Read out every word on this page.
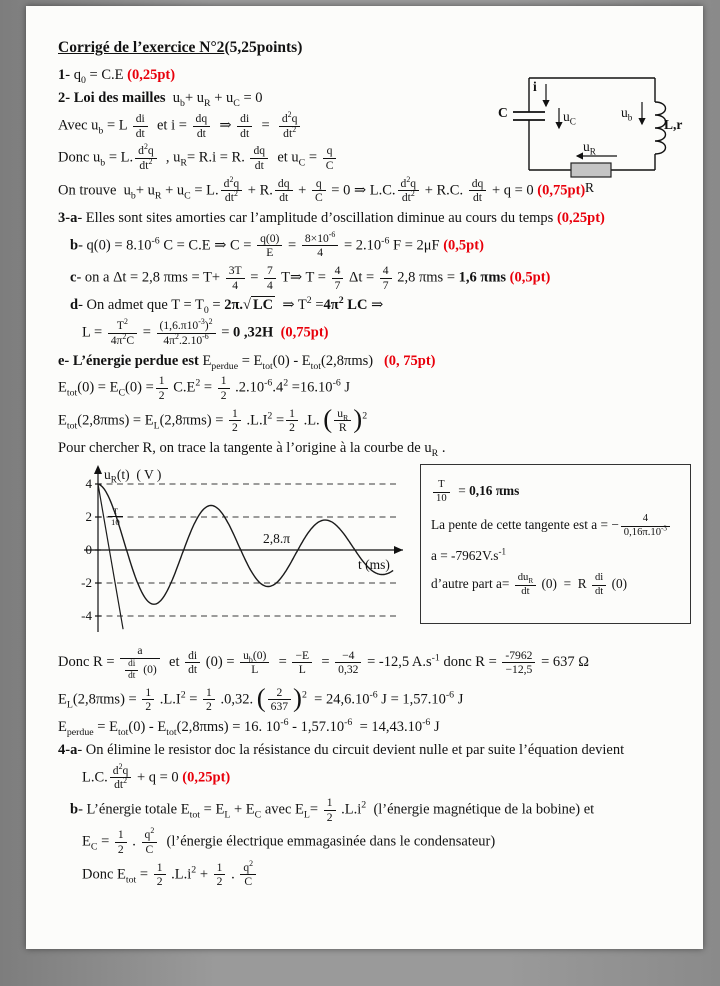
i
C	$u_C$
$u_b$ L,r
$u_R$
R
Corrigé de l’exercice N°2(5,25points)
1- $q_0 = C.E$ (0,25pt)
2- Loi des mailles  $u_b+ u_R + u_C = 0$
Avec $u_b = L \frac{di}{dt}$ et $i = \frac{dq}{dt}$ ⇒ $\frac{di}{dt} = \frac{d^2q}{dt^2}$
Donc $u_b = L$. $\frac{d^2q}{dt^2}$ , $u_R= R.i = R$. $\frac{dq}{dt}$ et $u_C = \frac{q}{C}$
On trouve  $u_b+ u_R + u_C = L$. $\frac{d^2q}{dt^2} + R$. $\frac{dq}{dt} + \frac{q}{C} = 0$ ⇒ L.C. $\frac{d^2q}{dt^2} + R.C$. $\frac{dq}{dt} + q = 0$ (0,75pt)
3-a- Elles sont sites amorties car l’amplitude d’oscillation diminue au cours du temps (0,25pt)
b- $q(0) = 8.10^{-6}$ C = C.E ⇒ $C = \frac{q(0)}{E} = \frac{8\times 10^{-6}}{4} = 2.10^{-6}$ F = 2μF (0,5pt)
c- on a Δt = 2,8 $\pi ms = T+ \frac{3T}{4} = \frac{7}{4}$ T⇒ $T = \frac{4}{7}$ $\Delta t = \frac{4}{7} 2,8$ πms = 1,6 πms (0,5pt)
d- On admet que $T = T_0 = 2\pi.√$ LC  ⇒ $T^2 =4\pi^2$ LC ⇒
$L = \frac{T^2}{4\pi^2C} = \frac{(1,6.\pi 10^{-3})^2}{4\pi^2.2.10^{-6}} = 0$ ,32H (0,75pt)
e- L’énergie perdue est $E_{perdue} = E_{tot}(0) - E_{tot}(2,8\pi ms)$   (0, 75pt)
$E_{tot}(0) = E_C(0) = \frac{1}{2} C.E^2 = \frac{1}{2} .2.10^{-6}.4^2 =16.10^{-6}$ J
$E_{tot}(2,8\pi ms) = E_L(2,8\pi ms) = \frac{1}{2} .L.I^2 = \frac{1}{2} .L$. ( $\frac{u_R}{R} )^2$
Pour chercher R, on trace la tangente à l’origine à la courbe de $u_R$ .
4
2
0
-2
-4
$u_R(t)$  ( V )
2,8.π
t (ms)
$\frac{T}{10}$
$\frac{T}{10} = 0,16$ πms
La pente de cette tangente est a = − $\frac{4}{0,16\pi.10^{-3}}$
$a = -7962V.s^{-1}$
d’autre part $a= \frac{du_R}{dt} (0) = R \frac{di}{dt} (0)$
Donc $R = \frac{a}{\frac{di}{dt} (0)}$ et $\frac{di}{dt} (0) = \frac{u_b(0)}{L} = \frac{-E}{L} = \frac{-4}{0,32} = -12,5$ $A.s^{-1}$ donc $R = \frac{-7962}{-12,5} = 637$ Ω
$E_L(2,8\pi ms) = \frac{1}{2} .L.I^2 = \frac{1}{2} .0,32$. ( $\frac{2}{637} )^2 = 24,6.10^{-6}$ $J = 1,57.10^{-6}$ J
$E_{perdue} = E_{tot}(0) - E_{tot}(2,8\pi ms) = 16$. $10^{-6} - 1,57.10^{-6} = 14,43.10^{-6}$ J
4-a- On élimine le resistor doc la résistance du circuit devient nulle et par suite l’équation devient
L.C. $\frac{d^2q}{dt^2} + q = 0$ (0,25pt)
b- L’énergie totale $E_{tot} = E_L + E_C$ avec $E_L= \frac{1}{2} .L.i^2$  (l’énergie magnétique de la bobine) et
$E_C = \frac{1}{2}$ . $\frac{q^2}{C}$ (l’énergie électrique emmagasinée dans le condensateur)
Donc $E_{tot} = \frac{1}{2} .L.i^2 + \frac{1}{2}$ . $\frac{q^2}{C}$
